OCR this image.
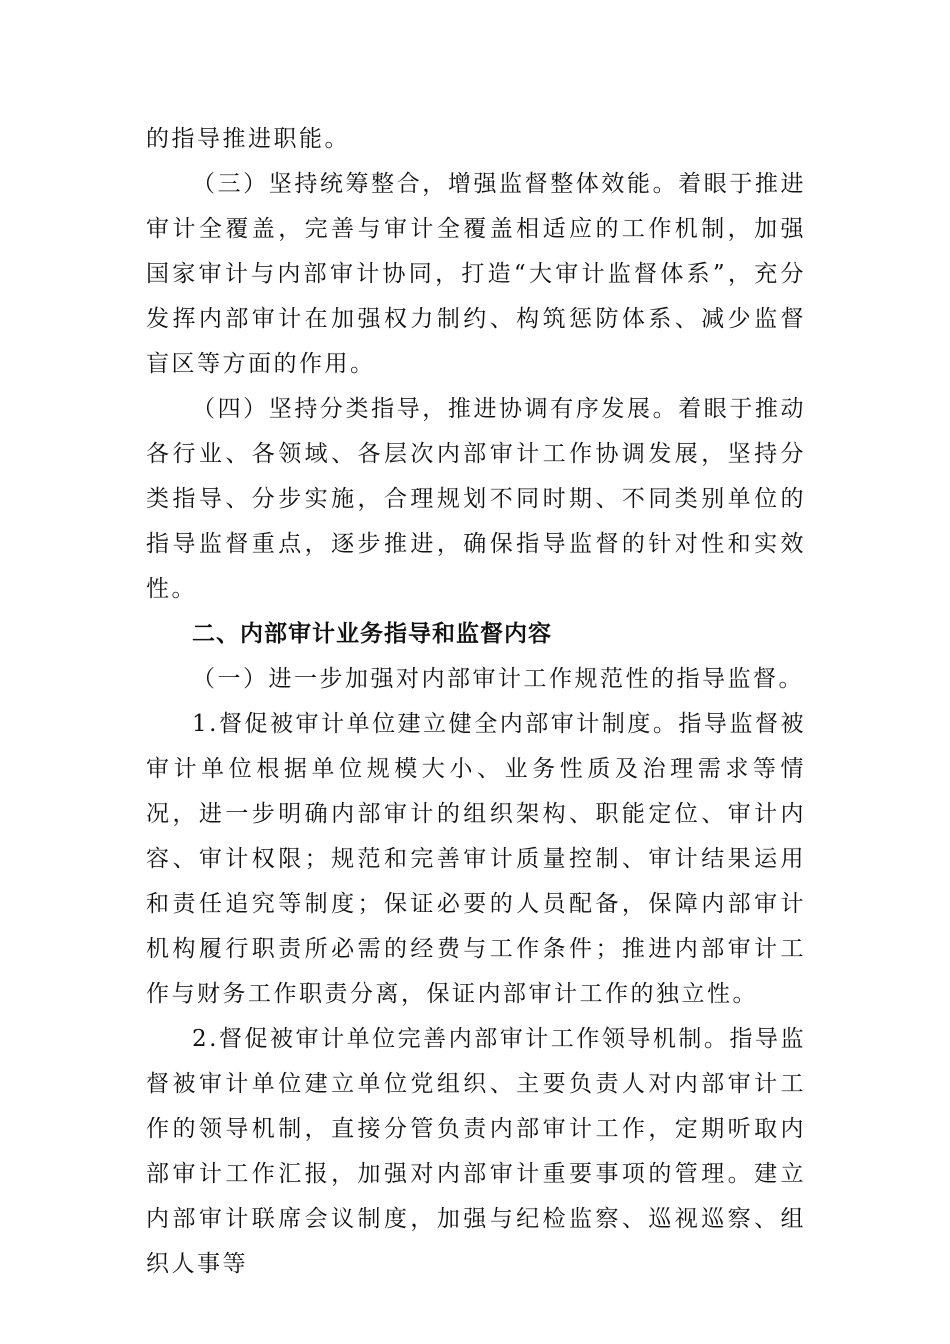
的指导推进职能。

（三）坚持统筹整合，增强监督整体效能。着眼于推进审计全覆盖，完善与审计全覆盖相适应的工作机制，加强国家审计与内部审计协同，打造“大审计监督体系”，充分发挥内部审计在加强权力制约、构筑惩防体系、减少监督盲区等方面的作用。

（四）坚持分类指导，推进协调有序发展。着眼于推动各行业、各领域、各层次内部审计工作协调发展，坚持分类指导、分步实施，合理规划不同时期、不同类别单位的指导监督重点，逐步推进，确保指导监督的针对性和实效性。

二、内部审计业务指导和监督内容

（一）进一步加强对内部审计工作规范性的指导监督。

1.督促被审计单位建立健全内部审计制度。指导监督被审计单位根据单位规模大小、业务性质及治理需求等情况，进一步明确内部审计的组织架构、职能定位、审计内容、审计权限；规范和完善审计质量控制、审计结果运用和责任追究等制度；保证必要的人员配备，保障内部审计机构履行职责所必需的经费与工作条件；推进内部审计工作与财务工作职责分离，保证内部审计工作的独立性。

2.督促被审计单位完善内部审计工作领导机制。指导监督被审计单位建立单位党组织、主要负责人对内部审计工作的领导机制，直接分管负责内部审计工作，定期听取内部审计工作汇报，加强对内部审计重要事项的管理。建立内部审计联席会议制度，加强与纪检监察、巡视巡察、组织人事等
